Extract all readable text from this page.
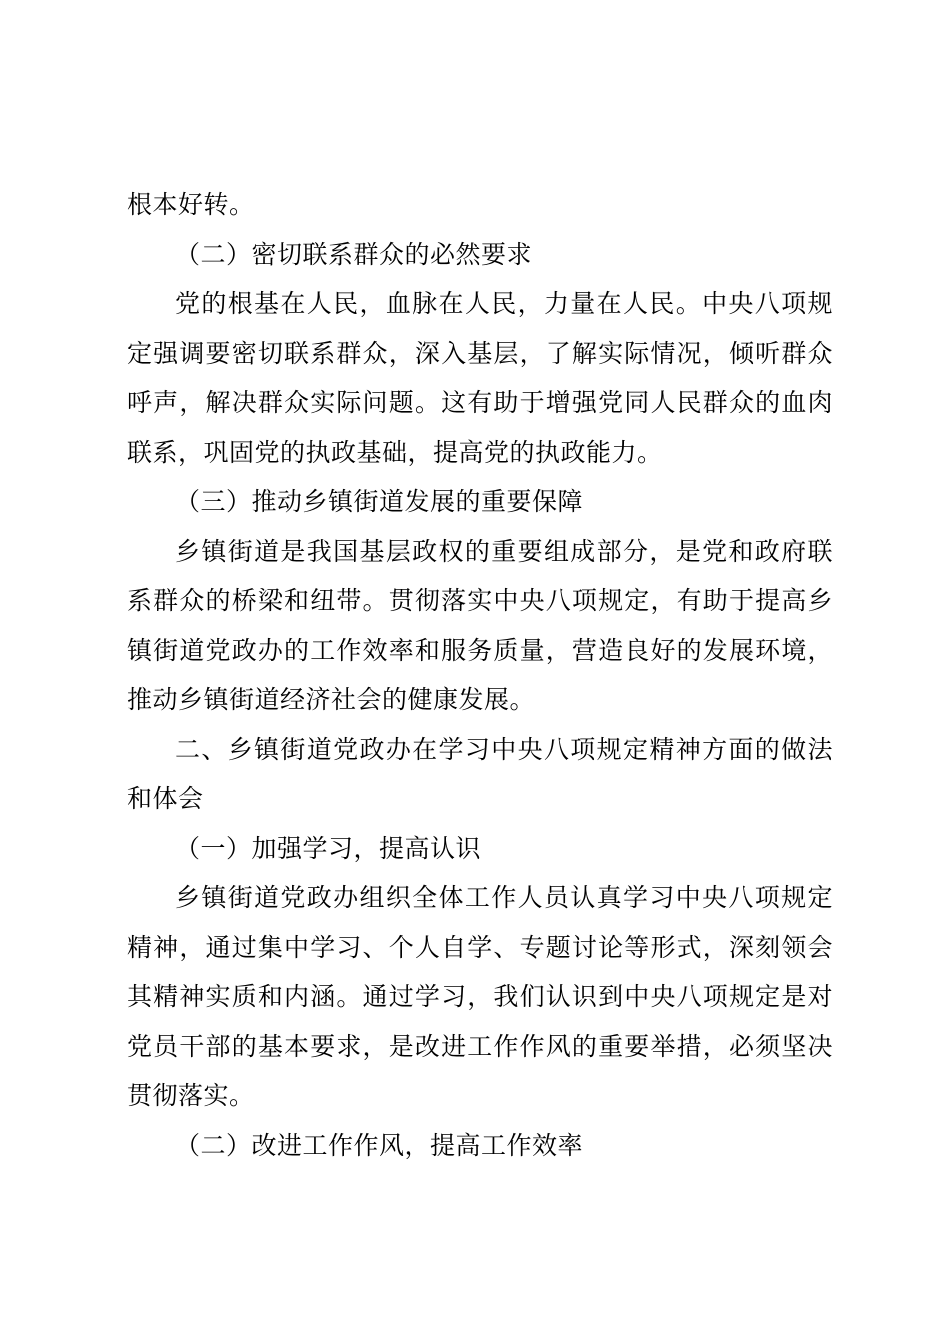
根本好转。
（二）密切联系群众的必然要求
党的根基在人民，血脉在人民，力量在人民。中央八项规
定强调要密切联系群众，深入基层，了解实际情况，倾听群众
呼声，解决群众实际问题。这有助于增强党同人民群众的血肉
联系，巩固党的执政基础，提高党的执政能力。
（三）推动乡镇街道发展的重要保障
乡镇街道是我国基层政权的重要组成部分，是党和政府联
系群众的桥梁和纽带。贯彻落实中央八项规定，有助于提高乡
镇街道党政办的工作效率和服务质量，营造良好的发展环境，
推动乡镇街道经济社会的健康发展。
二、乡镇街道党政办在学习中央八项规定精神方面的做法
和体会
（一）加强学习，提高认识
乡镇街道党政办组织全体工作人员认真学习中央八项规定
精神，通过集中学习、个人自学、专题讨论等形式，深刻领会
其精神实质和内涵。通过学习，我们认识到中央八项规定是对
党员干部的基本要求，是改进工作作风的重要举措，必须坚决
贯彻落实。
（二）改进工作作风，提高工作效率
